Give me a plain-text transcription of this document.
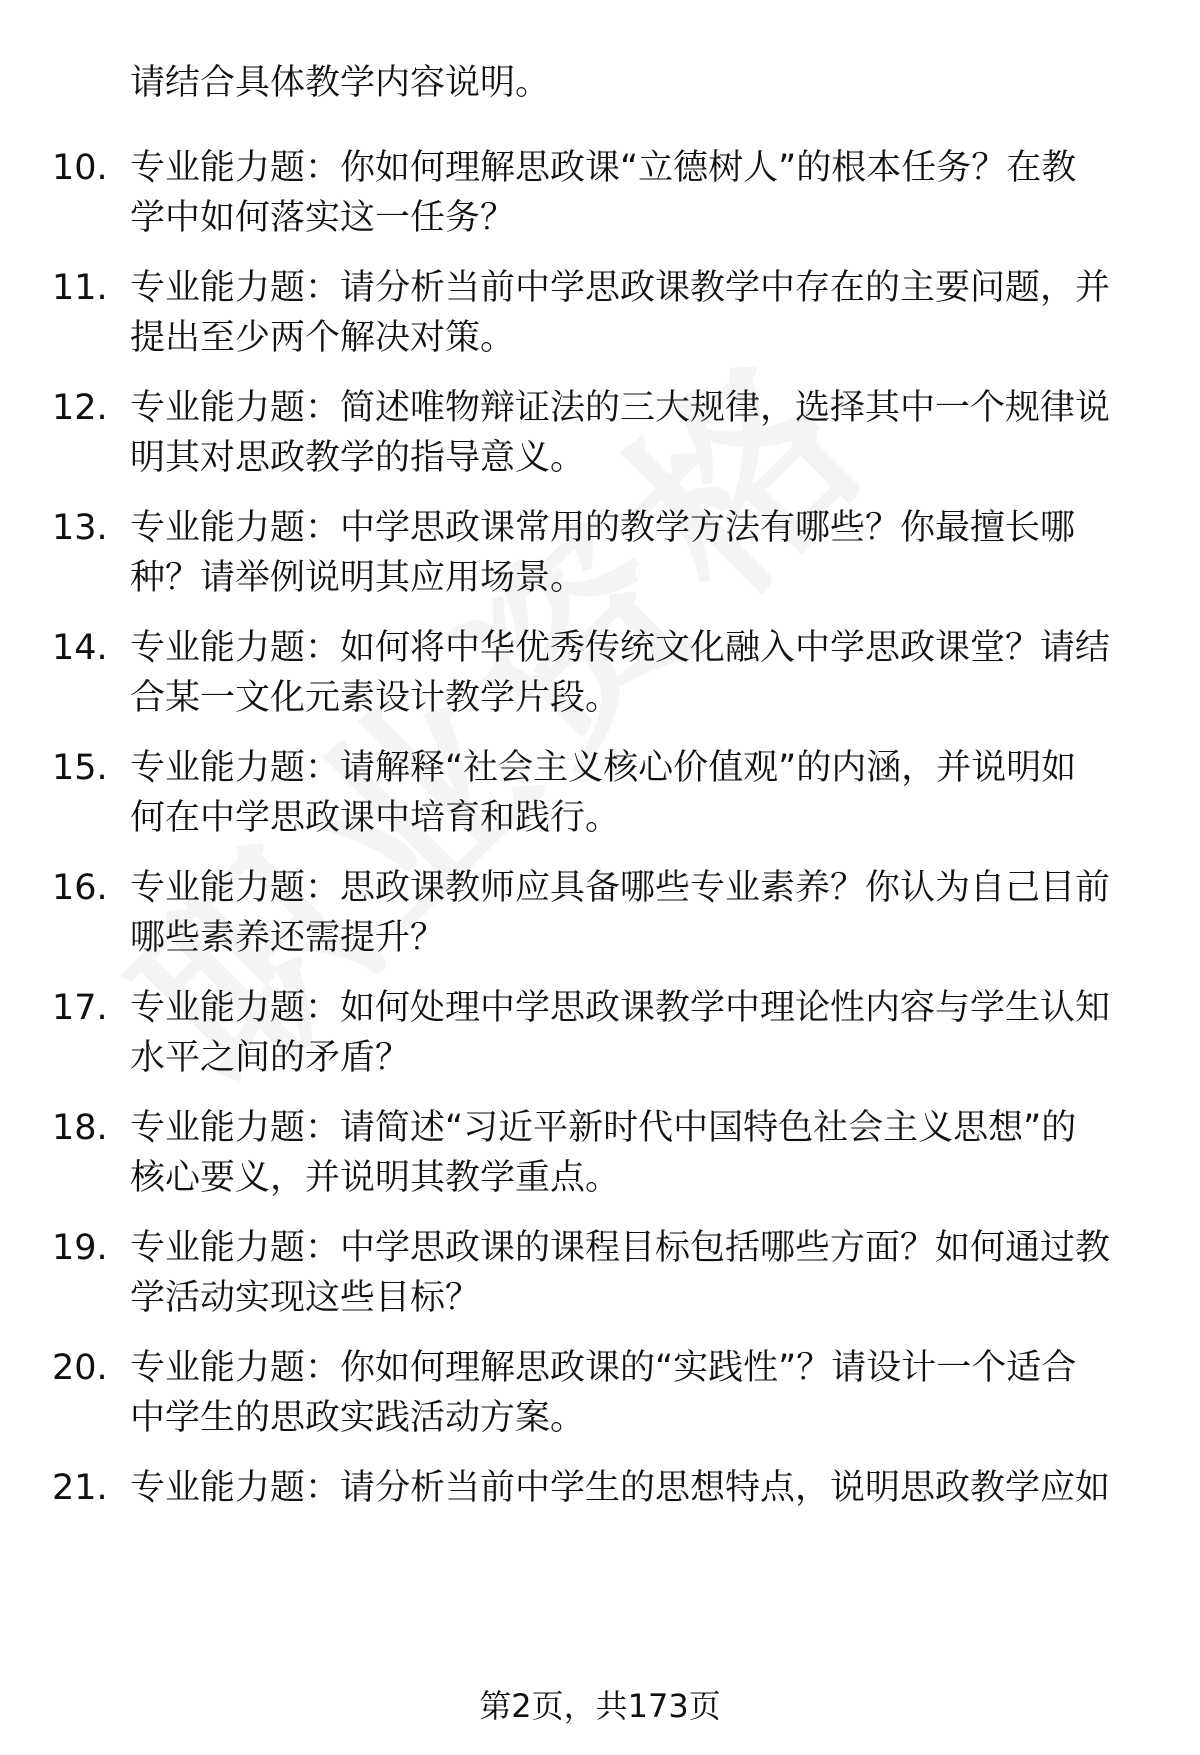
请结合具体教学内容说明。
10. 专业能力题：你如何理解思政课“立德树人”的根本任务？在教
学中如何落实这一任务？
11. 专业能力题：请分析当前中学思政课教学中存在的主要问题，并
提出至少两个解决对策。
12. 专业能力题：简述唯物辩证法的三大规律，选择其中一个规律说
明其对思政教学的指导意义。
13. 专业能力题：中学思政课常用的教学方法有哪些？你最擅长哪
种？请举例说明其应用场景。
14. 专业能力题：如何将中华优秀传统文化融入中学思政课堂？请结
合某一文化元素设计教学片段。
15. 专业能力题：请解释“社会主义核心价值观”的内涵，并说明如
何在中学思政课中培育和践行。
16. 专业能力题：思政课教师应具备哪些专业素养？你认为自己目前
哪些素养还需提升？
17. 专业能力题：如何处理中学思政课教学中理论性内容与学生认知
水平之间的矛盾？
18. 专业能力题：请简述“习近平新时代中国特色社会主义思想”的
核心要义，并说明其教学重点。
19. 专业能力题：中学思政课的课程目标包括哪些方面？如何通过教
学活动实现这些目标？
20. 专业能力题：你如何理解思政课的“实践性”？请设计一个适合
中学生的思政实践活动方案。
21. 专业能力题：请分析当前中学生的思想特点，说明思政教学应如
第2页，共173页
